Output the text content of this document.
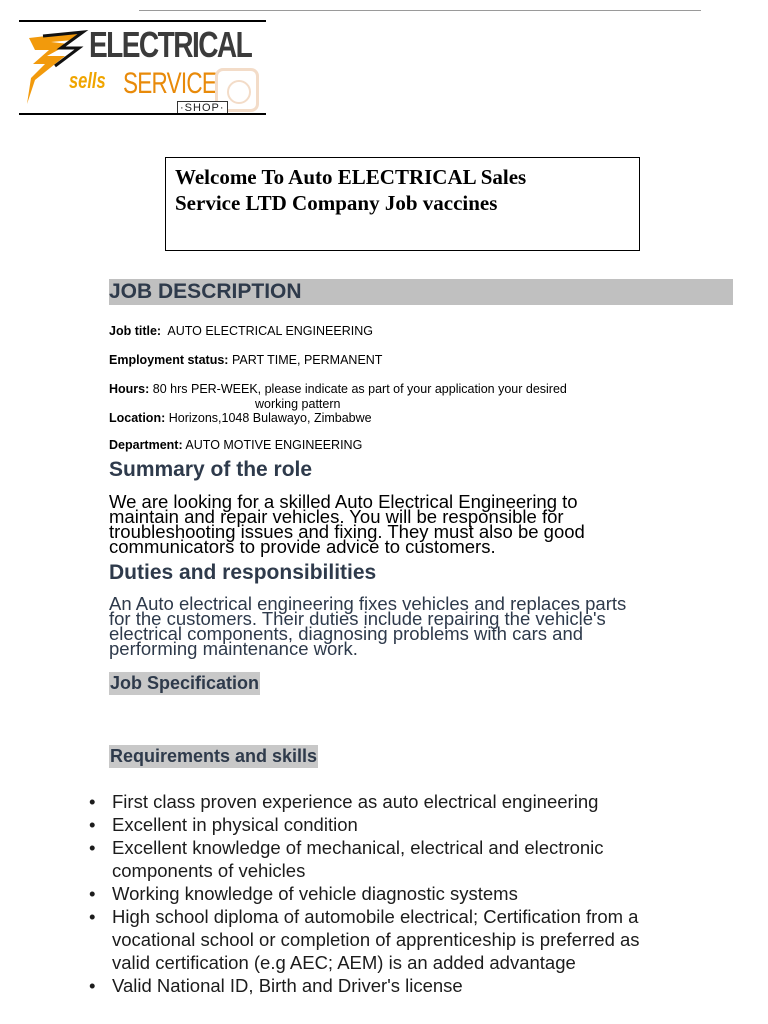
ELECTRICAL
sells SERVICE
·SHOP·
Welcome To Auto ELECTRICAL Sales
Service LTD Company Job vaccines
JOB DESCRIPTION
Job title: AUTO ELECTRICAL ENGINEERING
Employment status: PART TIME, PERMANENT
Hours: 80 hrs PER-WEEK, please indicate as part of your application your desired
working pattern
Location: Horizons,1048 Bulawayo, Zimbabwe
Department: AUTO MOTIVE ENGINEERING
Summary of the role
We are looking for a skilled Auto Electrical Engineering to
maintain and repair vehicles. You will be responsible for
troubleshooting issues and fixing. They must also be good
communicators to provide advice to customers.
Duties and responsibilities
An Auto electrical engineering fixes vehicles and replaces parts
for the customers. Their duties include repairing the vehicle's
electrical components, diagnosing problems with cars and
performing maintenance work.
Job Specification
Requirements and skills
• First class proven experience as auto electrical engineering
• Excellent in physical condition
• Excellent knowledge of mechanical, electrical and electronic
components of vehicles
• Working knowledge of vehicle diagnostic systems
• High school diploma of automobile electrical; Certification from a
vocational school or completion of apprenticeship is preferred as
valid certification (e.g AEC; AEM) is an added advantage
• Valid National ID, Birth and Driver's license
